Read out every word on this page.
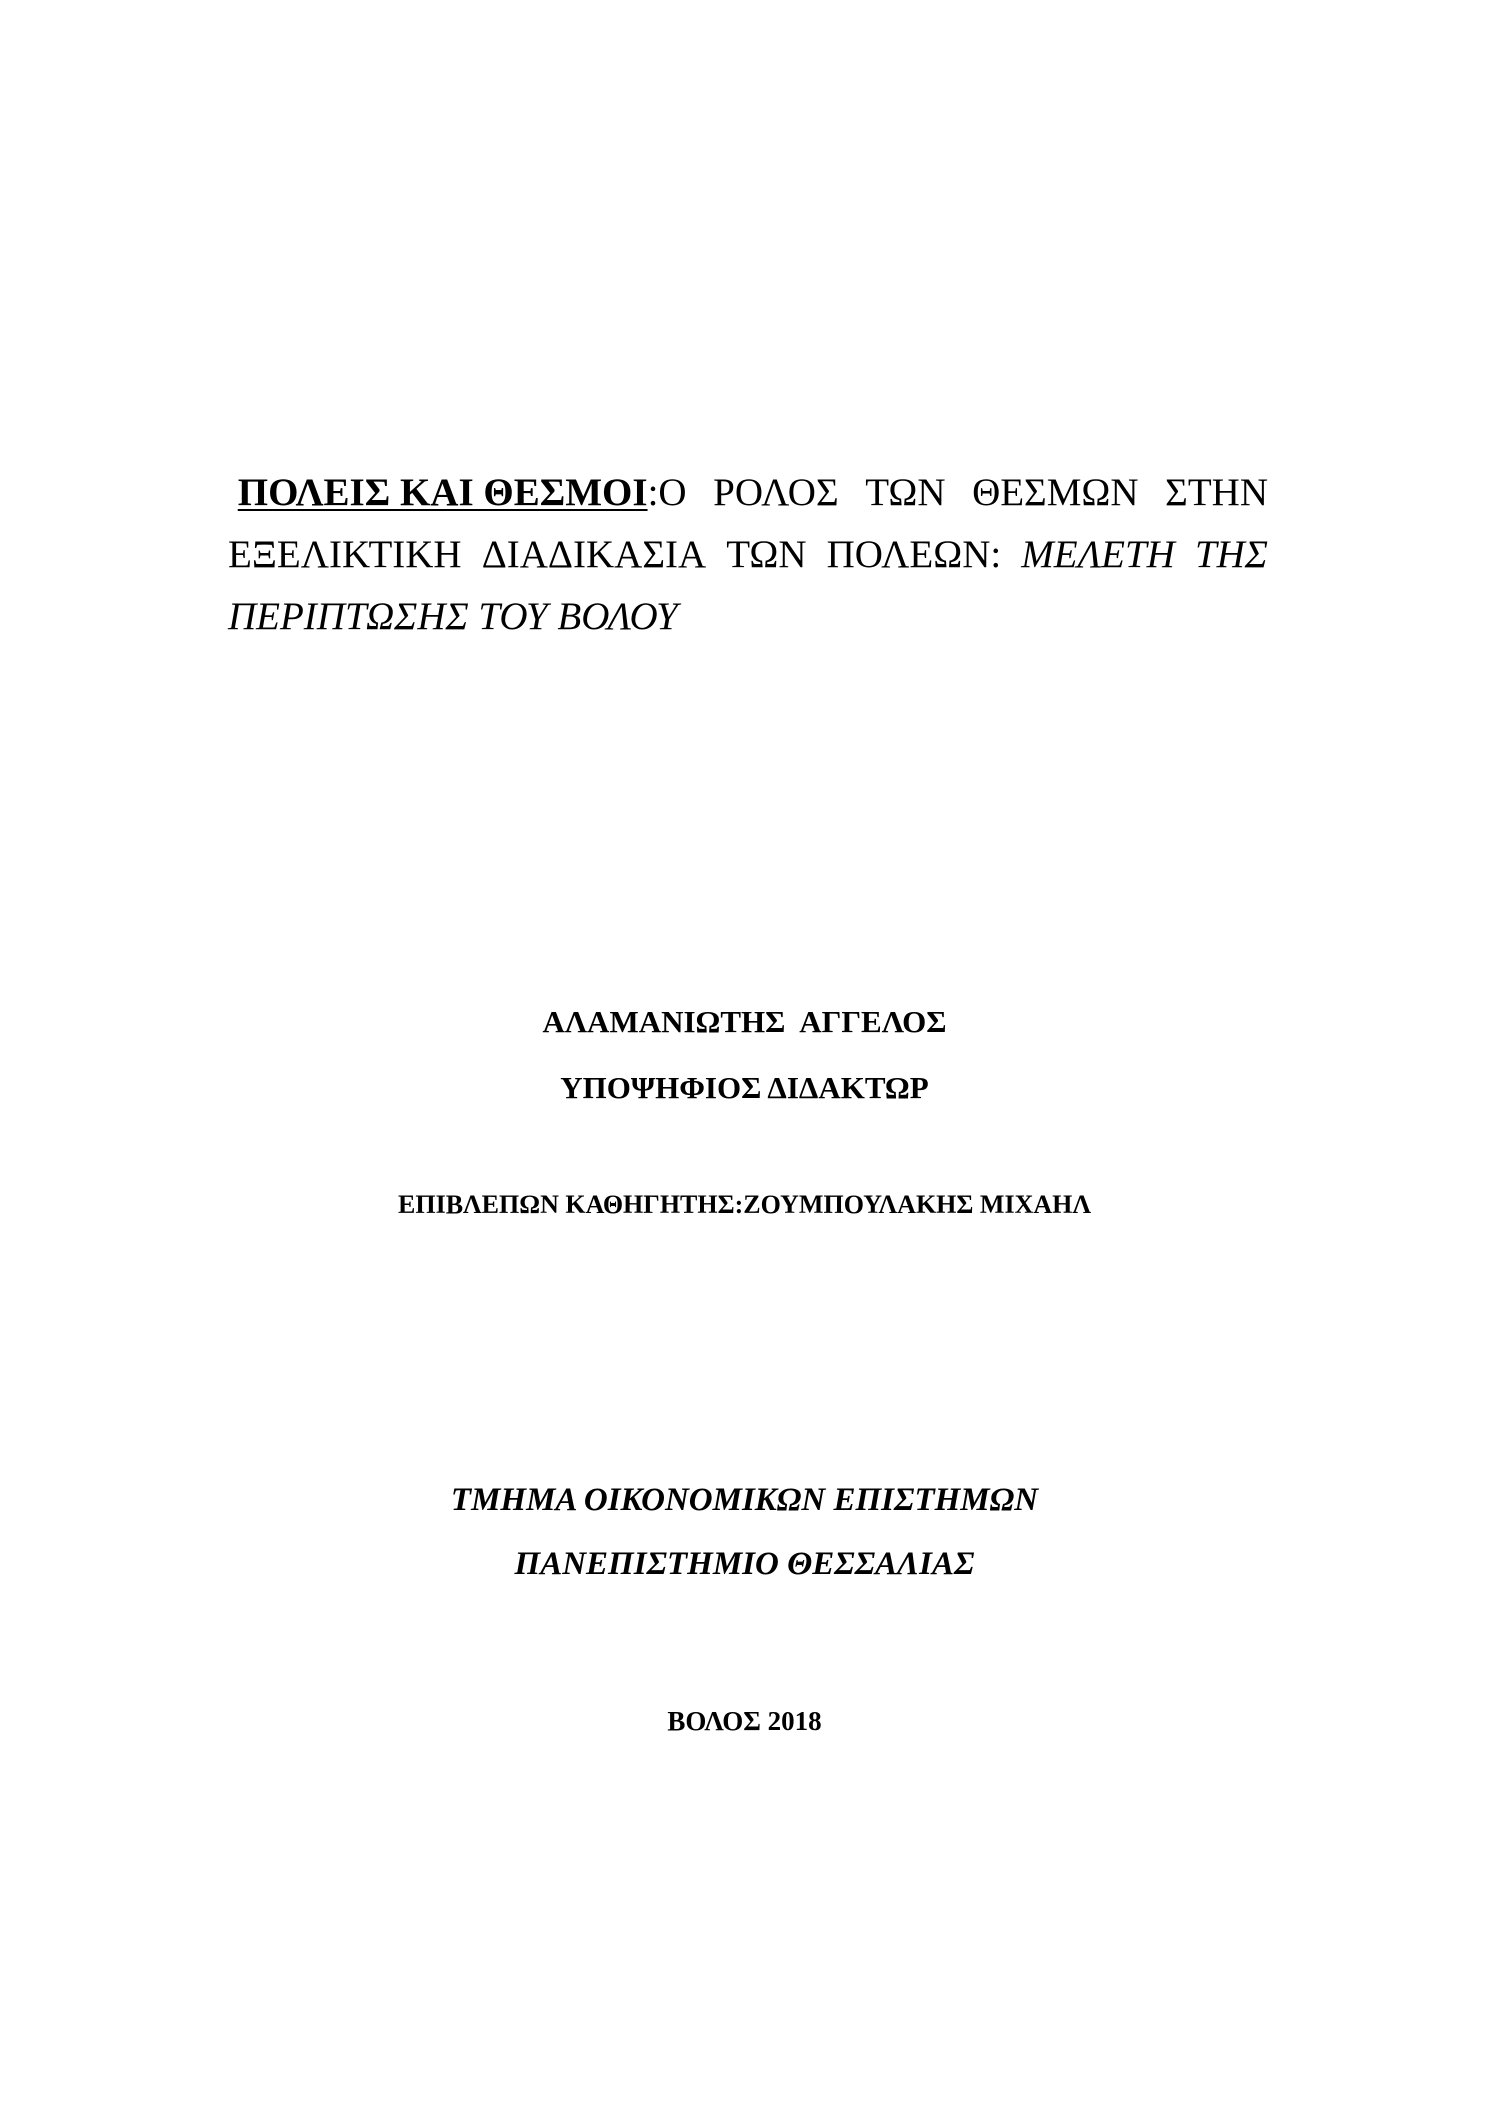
ΠΟΛΕΙΣ ΚΑΙ ΘΕΣΜΟΙ:Ο ΡΟΛΟΣ ΤΩΝ ΘΕΣΜΩΝ ΣΤΗΝ
ΕΞΕΛΙΚΤΙΚΗ ΔΙΑΔΙΚΑΣΙΑ ΤΩΝ ΠΟΛΕΩΝ: ΜΕΛΕΤΗ ΤΗΣ
ΠΕΡΙΠΤΩΣΗΣ ΤΟΥ ΒΟΛΟΥ
ΑΛΑΜΑΝΙΩΤΗΣ  ΑΓΓΕΛΟΣ
ΥΠΟΨΗΦΙΟΣ ΔΙΔΑΚΤΩΡ
ΕΠΙΒΛΕΠΩΝ ΚΑΘΗΓΗΤΗΣ:ΖΟΥΜΠΟΥΛΑΚΗΣ ΜΙΧΑΗΛ
ΤΜΗΜΑ ΟΙΚΟΝΟΜΙΚΩΝ ΕΠΙΣΤΗΜΩΝ
ΠΑΝΕΠΙΣΤΗΜΙΟ ΘΕΣΣΑΛΙΑΣ
ΒΟΛΟΣ 2018
